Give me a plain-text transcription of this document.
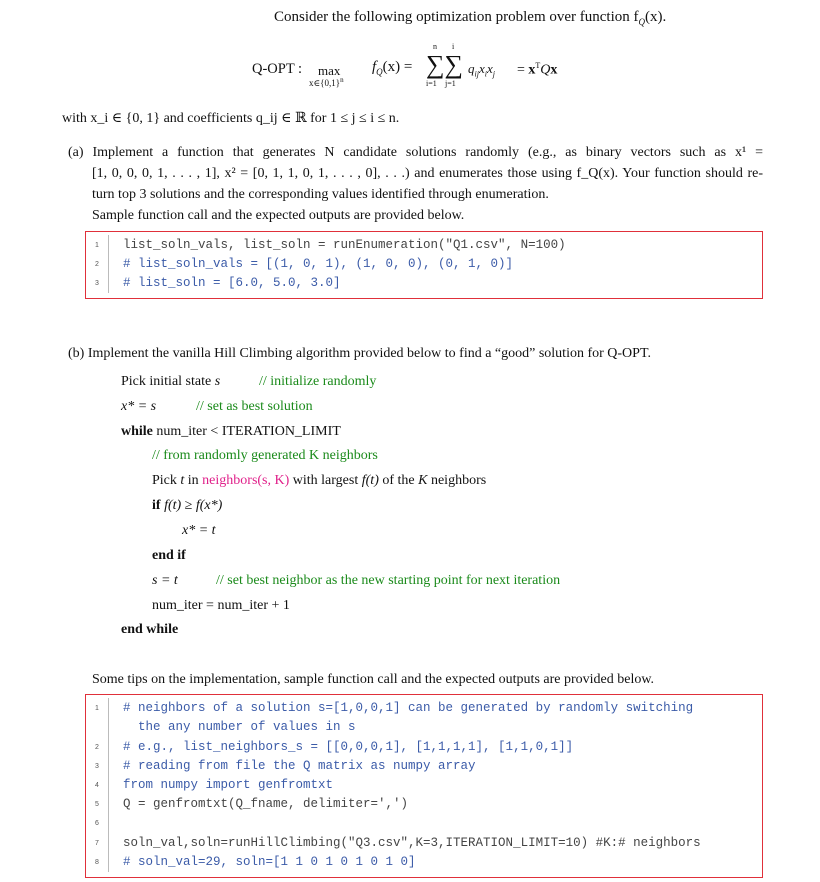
Consider the following optimization problem over function $f_Q(x)$.
Q-OPT : max
$x\in\{0,1\}^n$
$f_Q(x)$ =
n i
∑∑
i=1 j=1
$q_{ij}x_ix_j = x^TQx$
with x_i ∈ {0, 1} and coefficients q_ij ∈ ℝ for 1 ≤ j ≤ i ≤ n.
(a) Implement a function that generates N candidate solutions randomly (e.g., as binary vectors such as x¹ =
[1, 0, 0, 0, 1, . . . , 1], x² = [0, 1, 1, 0, 1, . . . , 0], . . .) and enumerates those using f_Q(x). Your function should re-
turn top 3 solutions and the corresponding values identified through enumeration.
Sample function call and the expected outputs are provided below.
1
2
3
list_soln_vals, list_soln = runEnumeration("Q1.csv", N=100)
# list_soln_vals = [(1, 0, 1), (1, 0, 0), (0, 1, 0)]
# list_soln = [6.0, 5.0, 3.0]
(b) Implement the vanilla Hill Climbing algorithm provided below to find a “good” solution for Q-OPT.
Pick initial state s	// initialize randomly
x* = s	// set as best solution
while num_iter < ITERATION_LIMIT
// from randomly generated K neighbors
Pick t in neighbors(s, K) with largest f(t) of the K neighbors
if f(t) ≥ f(x*)
x* = t
end if
s = t	// set best neighbor as the new starting point for next iteration
num_iter = num_iter + 1
end while
Some tips on the implementation, sample function call and the expected outputs are provided below.
1
2
3
4
5
6
7
8
# neighbors of a solution s=[1,0,0,1] can be generated by randomly switching
the any number of values in s
# e.g., list_neighbors_s = [[0,0,0,1], [1,1,1,1], [1,1,0,1]]
# reading from file the Q matrix as numpy array
from numpy import genfromtxt
Q = genfromtxt(Q_fname, delimiter=',')
soln_val,soln=runHillClimbing("Q3.csv",K=3,ITERATION_LIMIT=10) #K:# neighbors
# soln_val=29, soln=[1 1 0 1 0 1 0 1 0]
